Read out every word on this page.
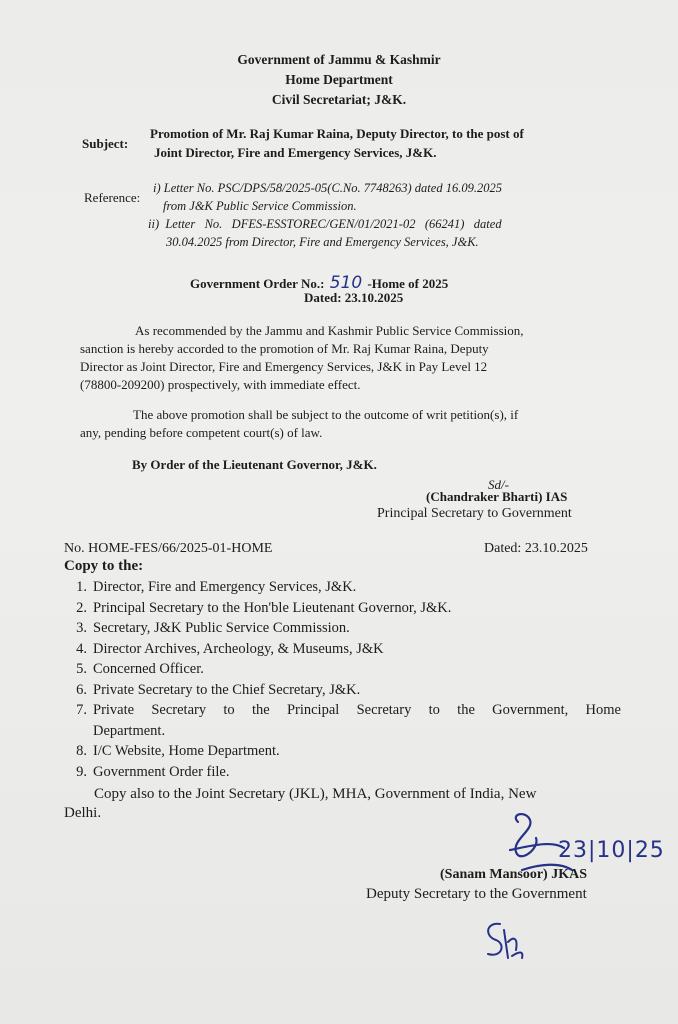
Government of Jammu & Kashmir
Home Department
Civil Secretariat; J&K.
Subject:
Promotion of Mr. Raj Kumar Raina, Deputy Director, to the post of
Joint Director, Fire and Emergency Services, J&K.
Reference:
i) Letter No. PSC/DPS/58/2025-05(C.No. 7748263) dated 16.09.2025
from J&K Public Service Commission.
ii)  Letter   No.   DFES-ESSTOREC/GEN/01/2021-02   (66241)   dated
30.04.2025 from Director, Fire and Emergency Services, J&K.
Government Order No.: 510 -Home of 2025
Dated: 23.10.2025
As recommended by the Jammu and Kashmir Public Service Commission,
sanction is hereby accorded to the promotion of Mr. Raj Kumar Raina, Deputy
Director as Joint Director, Fire and Emergency Services, J&K in Pay Level 12
(78800-209200) prospectively, with immediate effect.
The above promotion shall be subject to the outcome of writ petition(s), if
any, pending before competent court(s) of law.
By Order of the Lieutenant Governor, J&K.
Sd/-
(Chandraker Bharti) IAS
Principal Secretary to Government
No. HOME-FES/66/2025-01-HOME	Dated: 23.10.2025
Copy to the:
1. Director, Fire and Emergency Services, J&K.
2. Principal Secretary to the Hon'ble Lieutenant Governor, J&K.
3. Secretary, J&K Public Service Commission.
4. Director Archives, Archeology, & Museums, J&K
5. Concerned Officer.
6. Private Secretary to the Chief Secretary, J&K.
7. Private Secretary to the Principal Secretary to the Government, Home
Department.
8. I/C Website, Home Department.
9. Government Order file.
Copy also to the Joint Secretary (JKL), MHA, Government of India, New
Delhi.
23|10|25
(Sanam Mansoor) JKAS
Deputy Secretary to the Government
